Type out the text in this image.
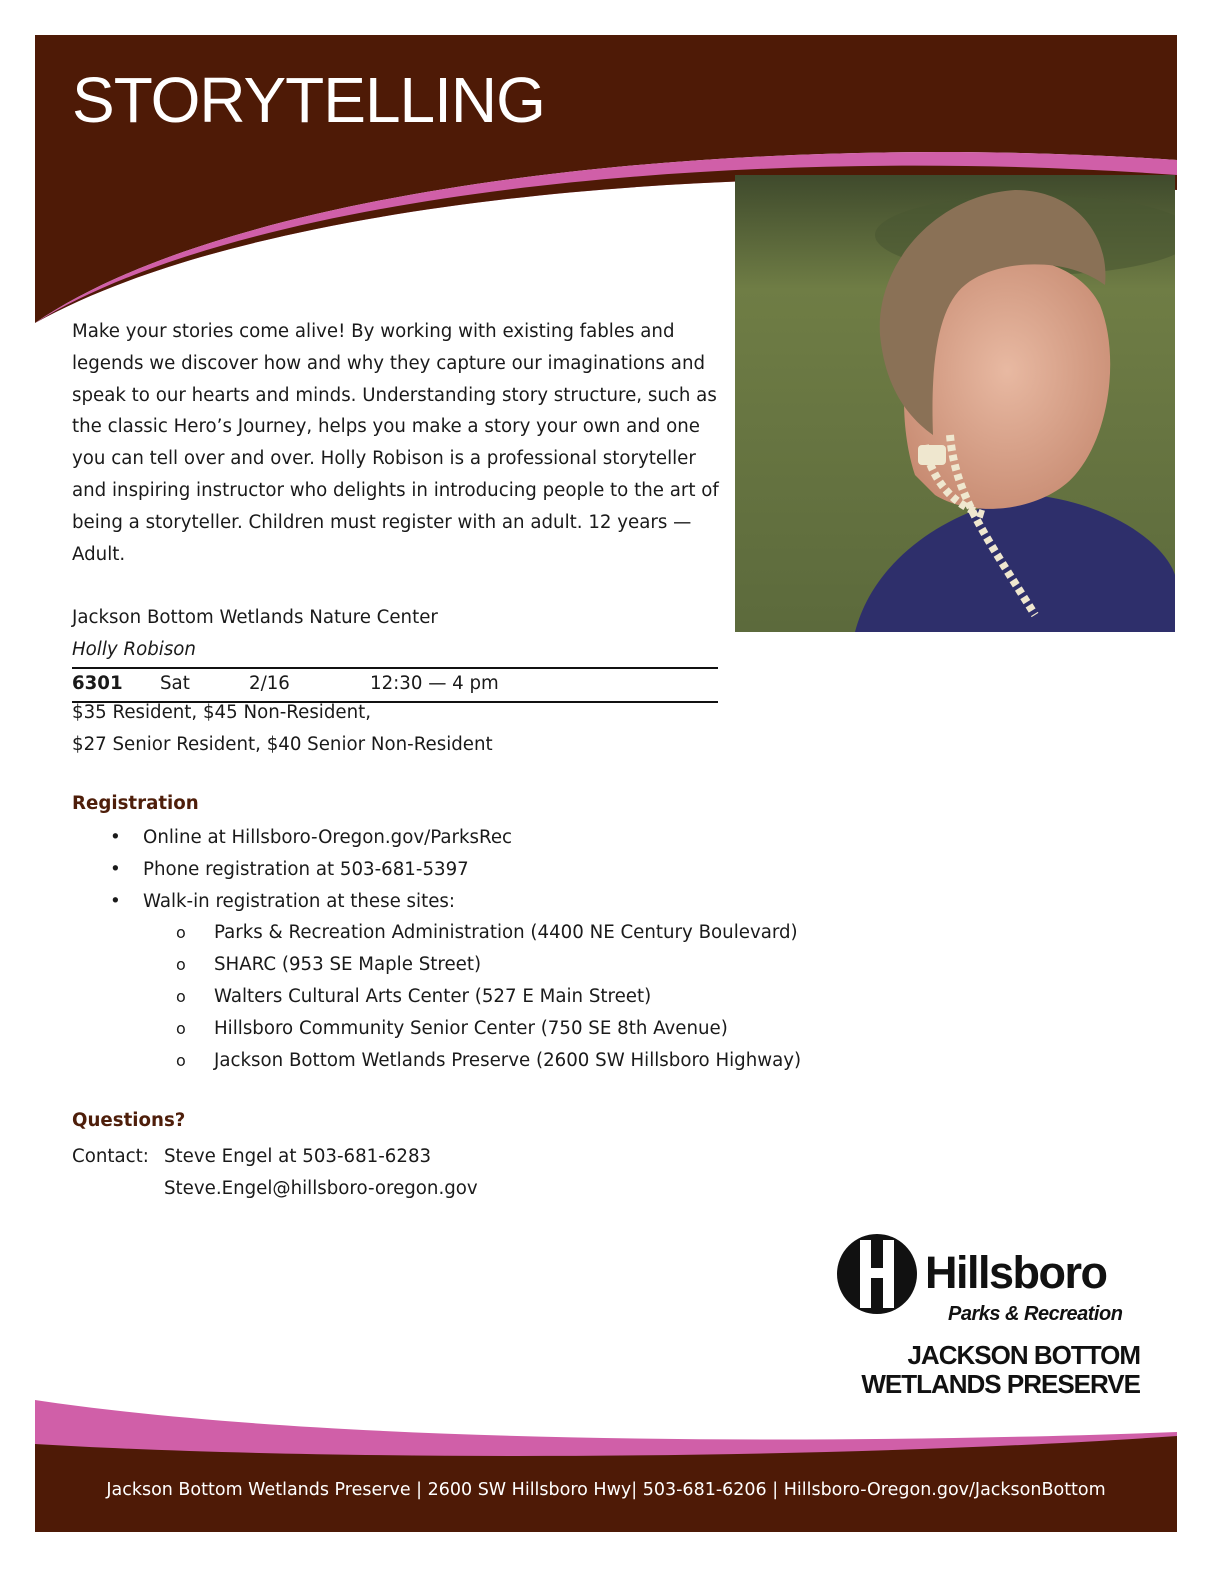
STORYTELLING

Make your stories come alive! By working with existing fables and legends we discover how and why they capture our imaginations and speak to our hearts and minds. Understanding story structure, such as the classic Hero’s Journey, helps you make a story your own and one you can tell over and over. Holly Robison is a professional storyteller and inspiring instructor who delights in introducing people to the art of being a storyteller. Children must register with an adult. 12 years — Adult.

Jackson Bottom Wetlands Nature Center
Holly Robison
6301 Sat	2/16	12:30 — 4 pm
$35 Resident, $45 Non-Resident,
$27 Senior Resident, $40 Senior Non-Resident
Registration
• Online at Hillsboro-Oregon.gov/ParksRec
• Phone registration at 503-681-5397
• Walk-in registration at these sites:
o Parks & Recreation Administration (4400 NE Century Boulevard)
o SHARC (953 SE Maple Street)
o Walters Cultural Arts Center (527 E Main Street)
o Hillsboro Community Senior Center (750 SE 8th Avenue)
o Jackson Bottom Wetlands Preserve (2600 SW Hillsboro Highway)
Questions?
Contact: Steve Engel at 503-681-6283
Steve.Engel@hillsboro-oregon.gov
Hillsboro
Parks & Recreation
JACKSON BOTTOM
WETLANDS PRESERVE
Jackson Bottom Wetlands Preserve | 2600 SW Hillsboro Hwy| 503-681-6206 | Hillsboro-Oregon.gov/JacksonBottom
